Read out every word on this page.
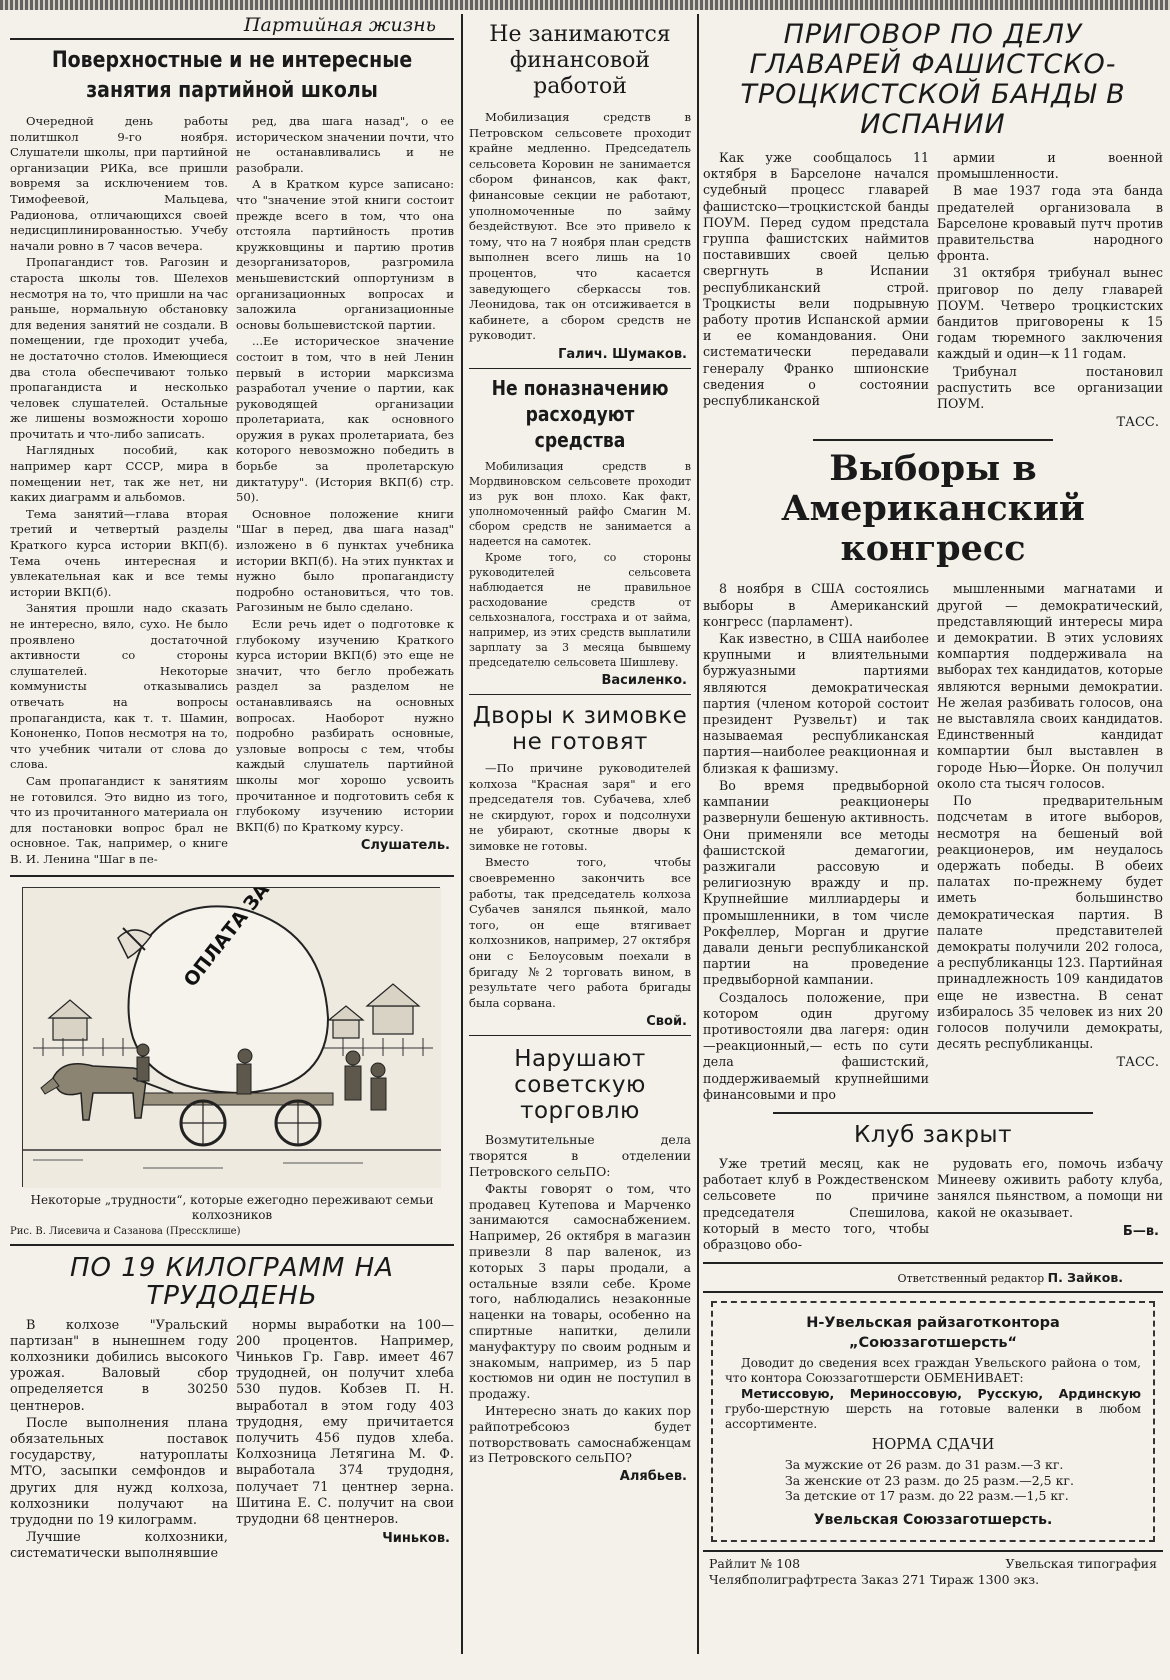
Партийная жизнь
Поверхностные и не интересные занятия партийной школы

Очередной день работы политшкол 9-го ноября. Слушатели школы, при партийной организации РИКа, все пришли вовремя за исключением тов. Тимофеевой, Мальцева, Радионова, отличающихся своей недисциплинированностью. Учебу начали ровно в 7 часов вечера.

Пропагандист тов. Рагозин и староста школы тов. Шелехов несмотря на то, что пришли на час раньше, нормальную обстановку для ведения занятий не создали. В помещении, где проходит учеба, не достаточно столов. Имеющиеся два стола обеспечивают только пропагандиста и несколько человек слушателей. Остальные же лишены возможности хорошо прочитать и что-либо записать.

Наглядных пособий, как например карт СССР, мира в помещении нет, так же нет, ни каких диаграмм и альбомов.

Тема занятий—глава вторая третий и четвертый разделы Краткого курса истории ВКП(б). Тема очень интересная и увлекательная как и все темы истории ВКП(б).

Занятия прошли надо сказать не интересно, вяло, сухо. Не было проявлено достаточной активности со стороны слушателей. Некоторые коммунисты отказывались отвечать на вопросы пропагандиста, как т. т. Шамин, Кононенко, Попов несмотря на то, что учебник читали от слова до слова.

Сам пропагандист к занятиям не готовился. Это видно из того, что из прочитанного материала он для постановки вопрос брал не основное. Так, например, о книге В. И. Ленина "Шаг в пе-

ред, два шага назад", о ее историческом значении почти, что не останавливались и не разобрали.

А в Кратком курсе записано: что "значение этой книги состоит прежде всего в том, что она отстояла партийность против кружковщины и партию против дезорганизаторов, разгромила меньшевистский оппортунизм в организационных вопросах и заложила организационные основы большевистской партии.

...Ее историческое значение состоит в том, что в ней Ленин первый в истории марксизма разработал учение о партии, как руководящей организации пролетариата, как основного оружия в руках пролетариата, без которого невозможно победить в борьбе за пролетарскую диктатуру". (История ВКП(б) стр. 50).

Основное положение книги "Шаг в перед, два шага назад" изложено в 6 пунктах учебника истории ВКП(б). На этих пунктах и нужно было пропагандисту подробно остановиться, что тов. Рагозиным не было сделано.

Если речь идет о подготовке к глубокому изучению Краткого курса истории ВКП(б) это еще не значит, что бегло пробежать раздел за разделом не останавливаясь на основных вопросах. Наоборот нужно подробно разбирать основные, узловые вопросы с тем, чтобы каждый слушатель партийной школы мог хорошо усвоить прочитанное и подготовить себя к глубокому изучению истории ВКП(б) по Краткому курсу.

Слушатель.
Некоторые „трудности“, которые ежегодно переживают семьи колхозников
Рис. В. Лисевича и Сазанова (Прессклише)
ПО 19 КИЛОГРАММ НА ТРУДОДЕНЬ

В колхозе "Уральский партизан" в нынешнем году колхозники добились высокого урожая. Валовый сбор определяется в 30250 центнеров.

После выполнения плана обязательных поставок государству, натуроплаты МТО, засыпки семфондов и других для нужд колхоза, колхозники получают на трудодни по 19 килограмм.

Лучшие колхозники, систематически выполнявшие

нормы выработки на 100—200 процентов. Например, Чиньков Гр. Гавр. имеет 467 трудодней, он получит хлеба 530 пудов. Кобзев П. Н. выработал в этом году 403 трудодня, ему причитается получить 456 пудов хлеба. Колхозница Летягина М. Ф. выработала 374 трудодня, получает 71 центнер зерна. Шитина Е. С. получит на свои трудодни 68 центнеров.

Чиньков.
Не занимаются финансовой работой

Мобилизация средств в Петровском сельсовете проходит крайне медленно. Председатель сельсовета Коровин не занимается сбором финансов, как факт, финансовые секции не работают, уполномоченные по займу бездействуют. Все это привело к тому, что на 7 ноября план средств выполнен всего лишь на 10 процентов, что касается заведующего сберкассы тов. Леонидова, так он отсиживается в кабинете, а сбором средств не руководит.

Галич. Шумаков.
Не поназначению расходуют средства

Мобилизация средств в Мордвиновском сельсовете проходит из рук вон плохо. Как факт, уполномоченный райфо Смагин М. сбором средств не занимается а надеется на самотек.

Кроме того, со стороны руководителей сельсовета наблюдается не правильное расходование средств от сельхозналога, госстраха и от займа, например, из этих средств выплатили зарплату за 3 месяца бывшему председателю сельсовета Шишлеву.

Василенко.
Дворы к зимовке не готовят

—По причине руководителей колхоза "Красная заря" и его председателя тов. Субачева, хлеб не скирдуют, горох и подсолнухи не убирают, скотные дворы к зимовке не готовы.

Вместо того, чтобы своевременно закончить все работы, так председатель колхоза Субачев занялся пьянкой, мало того, он еще втягивает колхозников, например, 27 октября они с Белоусовым поехали в бригаду №2 торговать вином, в результате чего работа бригады была сорвана.

Свой.
Нарушают советскую торговлю

Возмутительные дела творятся в отделении Петровского сельПО:

Факты говорят о том, что продавец Кутепова и Марченко занимаются самоснабжением. Например, 26 октября в магазин привезли 8 пар валенок, из которых 3 пары продали, а остальные взяли себе. Кроме того, наблюдались незаконные наценки на товары, особенно на спиртные напитки, делили мануфактуру по своим родным и знакомым, например, из 5 пар костюмов ни один не поступил в продажу.

Интересно знать до каких пор райпотребсоюз будет потворствовать самоснабженцам из Петровского сельПО?

Алябьев.
ПРИГОВОР ПО ДЕЛУ ГЛАВАРЕЙ ФАШИСТСКО-ТРОЦКИСТСКОЙ БАНДЫ В ИСПАНИИ

Как уже сообщалось 11 октября в Барселоне начался судебный процесс главарей фашистско—троцкистской банды ПОУМ. Перед судом предстала группа фашистских наймитов поставивших своей целью свергнуть в Испании республиканский строй. Троцкисты вели подрывную работу против Испанской армии и ее командования. Они систематически передавали генералу Франко шпионские сведения о состоянии республиканской

армии и военной промышленности.

В мае 1937 года эта банда предателей организовала в Барселоне кровавый путч против правительства народного фронта.

31 октября трибунал вынес приговор по делу главарей ПОУМ. Четверо троцкистских бандитов приговорены к 15 годам тюремного заключения каждый и один—к 11 годам.

Трибунал постановил распустить все организации ПОУМ.

ТАСС.
Выборы в Американский конгресс

8 ноября в США состоялись выборы в Американский конгресс (парламент).

Как известно, в США наиболее крупными и влиятельными буржуазными партиями являются демократическая партия (членом которой состоит президент Рузвельт) и так называемая республиканская партия—наиболее реакционная и близкая к фашизму.

Во время предвыборной кампании реакционеры развернули бешеную активность. Они применяли все методы фашистской демагогии, разжигали рассовую и религиозную вражду и пр. Крупнейшие миллиардеры и промышленники, в том числе Рокфеллер, Морган и другие давали деньги республиканской партии на проведение предвыборной кампании.

Создалось положение, при котором один другому противостояли два лагеря: один—реакционный,— есть по сути дела фашистский, поддерживаемый крупнейшими финансовыми и про

мышленными магнатами и другой — демократический, представляющий интересы мира и демократии. В этих условиях компартия поддерживала на выборах тех кандидатов, которые являются верными демократии. Не желая разбивать голосов, она не выставляла своих кандидатов. Единственный кандидат компартии был выставлен в городе Нью—Йорке. Он получил около ста тысяч голосов.

По предварительным подсчетам в итоге выборов, несмотря на бешеный вой реакционеров, им неудалось одержать победы. В обеих палатах по-прежнему будет иметь большинство демократическая партия. В палате представителей демократы получили 202 голоса, а республиканцы 123. Партийная принадлежность 109 кандидатов еще не известна. В сенат избиралось 35 человек из них 20 голосов получили демократы, десять республиканцы.

ТАСС.
Клуб закрыт

Уже третий месяц, как не работает клуб в Рождественском сельсовете по причине председателя Спешилова, который в место того, чтобы образцово обо-

рудовать его, помочь избачу Минееву оживить работу клуба, занялся пьянством, а помощи ни какой не оказывает.

Б—в.
Ответственный редактор П. Зайков.
Н-Увельская райзаготконтора
„Союззаготшерсть“
Доводит до сведения всех граждан Увельского района о том, что контора Союззаготшерсти ОБМЕНИВАЕТ:
Метиссовую, Мериноссовую, Русскую, Ардинскую грубо-шерстную шерсть на готовые валенки в любом ассортименте.
НОРМА СДАЧИ
За мужские от 26 разм. до 31 разм.—3 кг.
За женские от 23 разм. до 25 разм.—2,5 кг.
За детские от 17 разм. до 22 разм.—1,5 кг.
Увельская Союззаготшерсть.
Райлит № 108	Увельская типография
Челябполиграфтреста Заказ 271 Тираж 1300 экз.
